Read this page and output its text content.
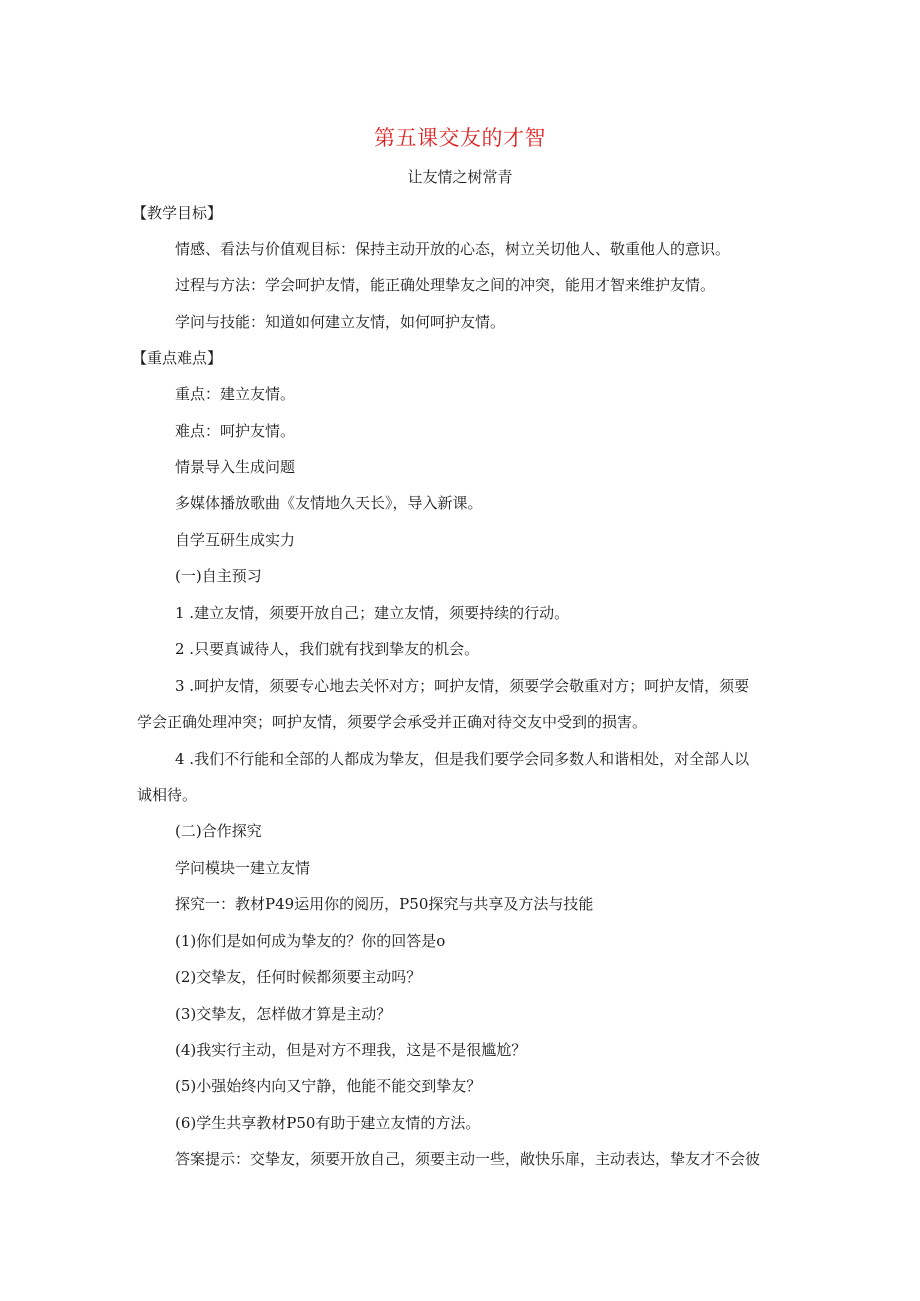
第五课交友的才智
让友情之树常青
【教学目标】
情感、看法与价值观目标：保持主动开放的心态，树立关切他人、敬重他人的意识。
过程与方法：学会呵护友情，能正确处理挚友之间的冲突，能用才智来维护友情。
学问与技能：知道如何建立友情，如何呵护友情。
【重点难点】
重点：建立友情。
难点：呵护友情。
情景导入生成问题
多媒体播放歌曲《友情地久天长》，导入新课。
自学互研生成实力
(一)自主预习
1 .建立友情，须要开放自己；建立友情，须要持续的行动。
2 .只要真诚待人，我们就有找到挚友的机会。
3 .呵护友情，须要专心地去关怀对方；呵护友情，须要学会敬重对方；呵护友情，须要
学会正确处理冲突；呵护友情，须要学会承受并正确对待交友中受到的损害。
4 .我们不行能和全部的人都成为挚友，但是我们要学会同多数人和谐相处，对全部人以
诚相待。
(二)合作探究
学问模块一建立友情
探究一：教材P49运用你的阅历，P50探究与共享及方法与技能
(1)你们是如何成为挚友的？你的回答是o
(2)交挚友，任何时候都须要主动吗？
(3)交挚友，怎样做才算是主动？
(4)我实行主动，但是对方不理我，这是不是很尴尬？
(5)小强始终内向又宁静，他能不能交到挚友？
(6)学生共享教材P50有助于建立友情的方法。
答案提示：交挚友，须要开放自己，须要主动一些，敞快乐扉，主动表达，挚友才不会彼
